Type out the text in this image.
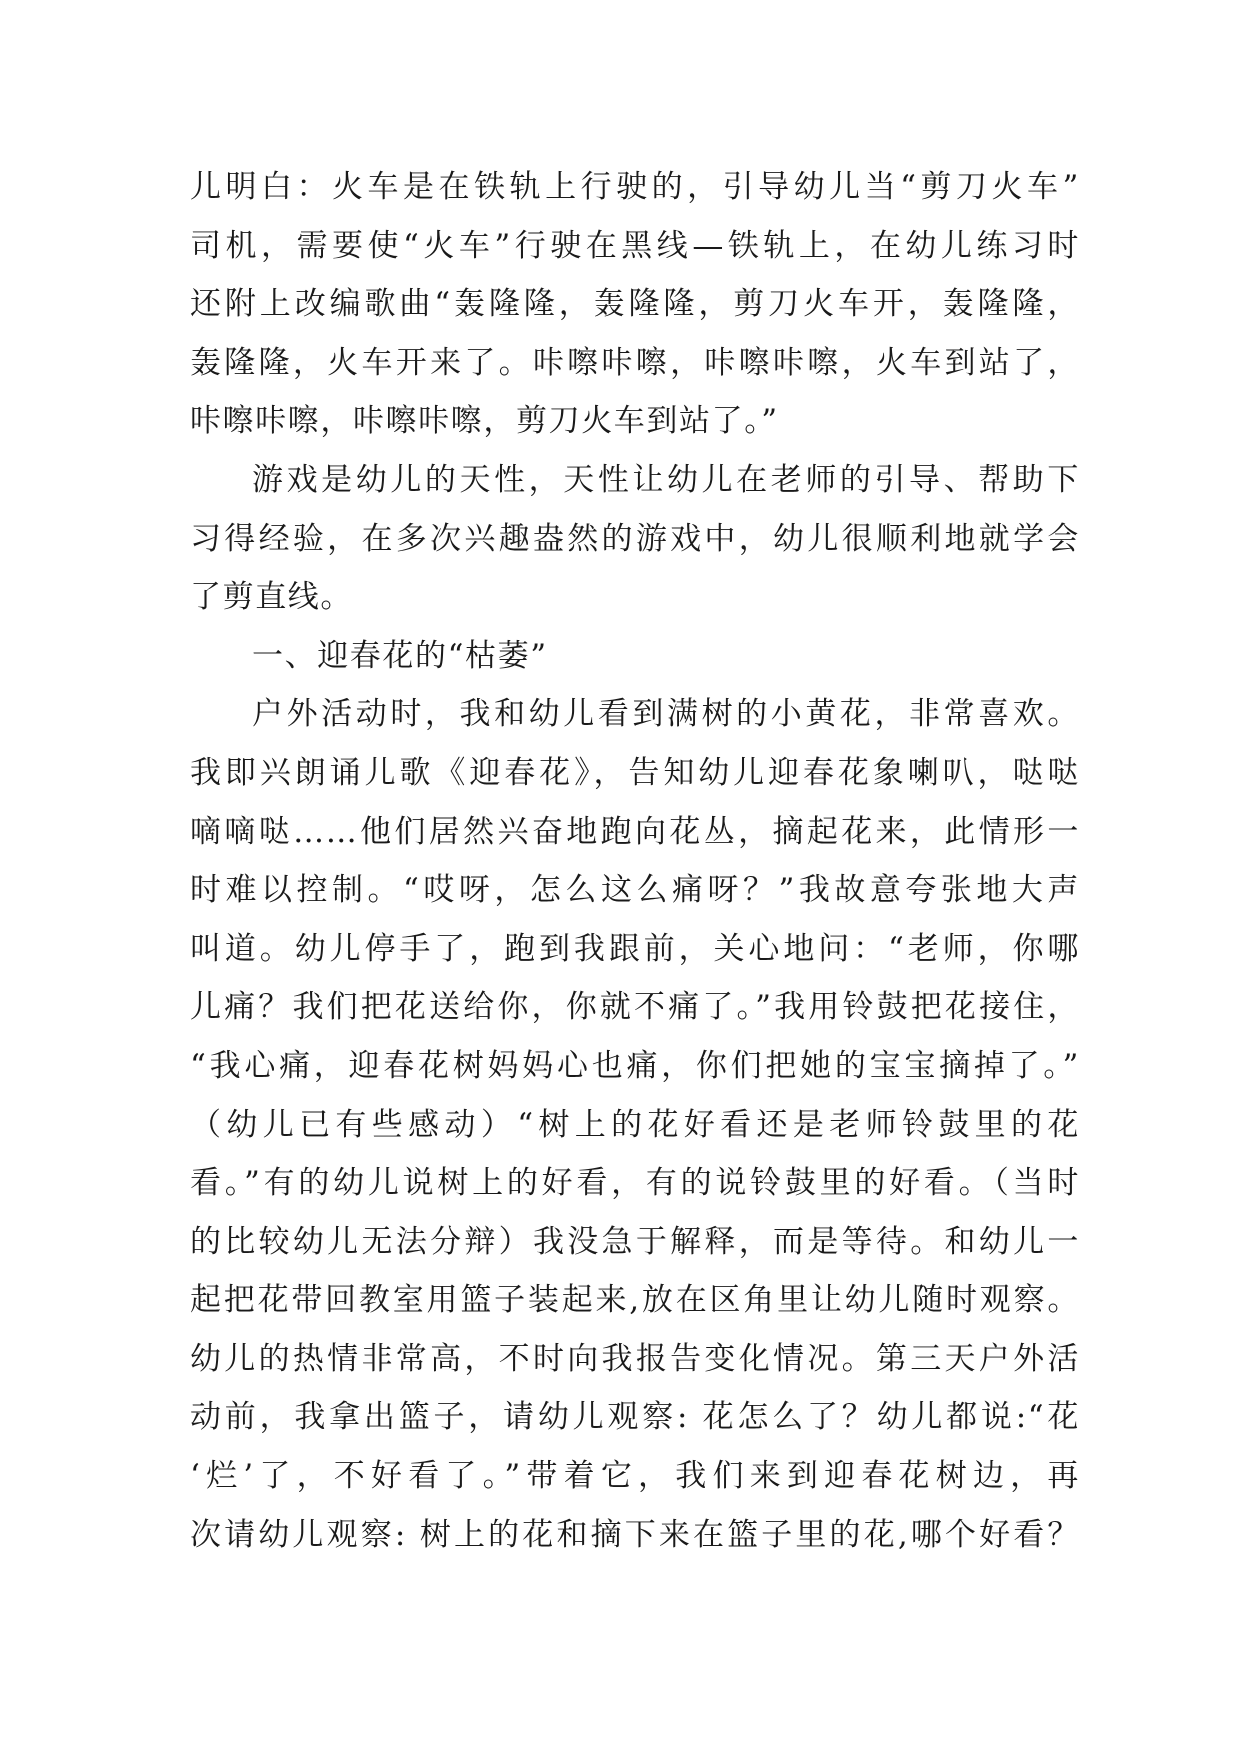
儿明白：火车是在铁轨上行驶的，引导幼儿当“剪刀火车”
司机，需要使“火车”行驶在黑线—铁轨上，在幼儿练习时
还附上改编歌曲“轰隆隆，轰隆隆，剪刀火车开，轰隆隆，
轰隆隆，火车开来了。咔嚓咔嚓，咔嚓咔嚓，火车到站了，
咔嚓咔嚓，咔嚓咔嚓，剪刀火车到站了。”
游戏是幼儿的天性，天性让幼儿在老师的引导、帮助下
习得经验，在多次兴趣盎然的游戏中，幼儿很顺利地就学会
了剪直线。
一、迎春花的“枯萎”
户外活动时，我和幼儿看到满树的小黄花，非常喜欢。
我即兴朗诵儿歌《迎春花》，告知幼儿迎春花象喇叭，哒哒
嘀嘀哒……他们居然兴奋地跑向花丛，摘起花来，此情形一
时难以控制。“哎呀，怎么这么痛呀？”我故意夸张地大声
叫道。幼儿停手了，跑到我跟前，关心地问：“老师，你哪
儿痛？我们把花送给你，你就不痛了。”我用铃鼓把花接住，
“我心痛，迎春花树妈妈心也痛，你们把她的宝宝摘掉了。”
（幼儿已有些感动）“树上的花好看还是老师铃鼓里的花
看。”有的幼儿说树上的好看，有的说铃鼓里的好看。（当时
的比较幼儿无法分辩）我没急于解释，而是等待。和幼儿一
起把花带回教室用篮子装起来,放在区角里让幼儿随时观察。
幼儿的热情非常高，不时向我报告变化情况。第三天户外活
动前，我拿出篮子，请幼儿观察: 花怎么了？幼儿都说:“花
‘烂’了，不好看了。”带着它，我们来到迎春花树边，再
次请幼儿观察: 树上的花和摘下来在篮子里的花,哪个好看？
